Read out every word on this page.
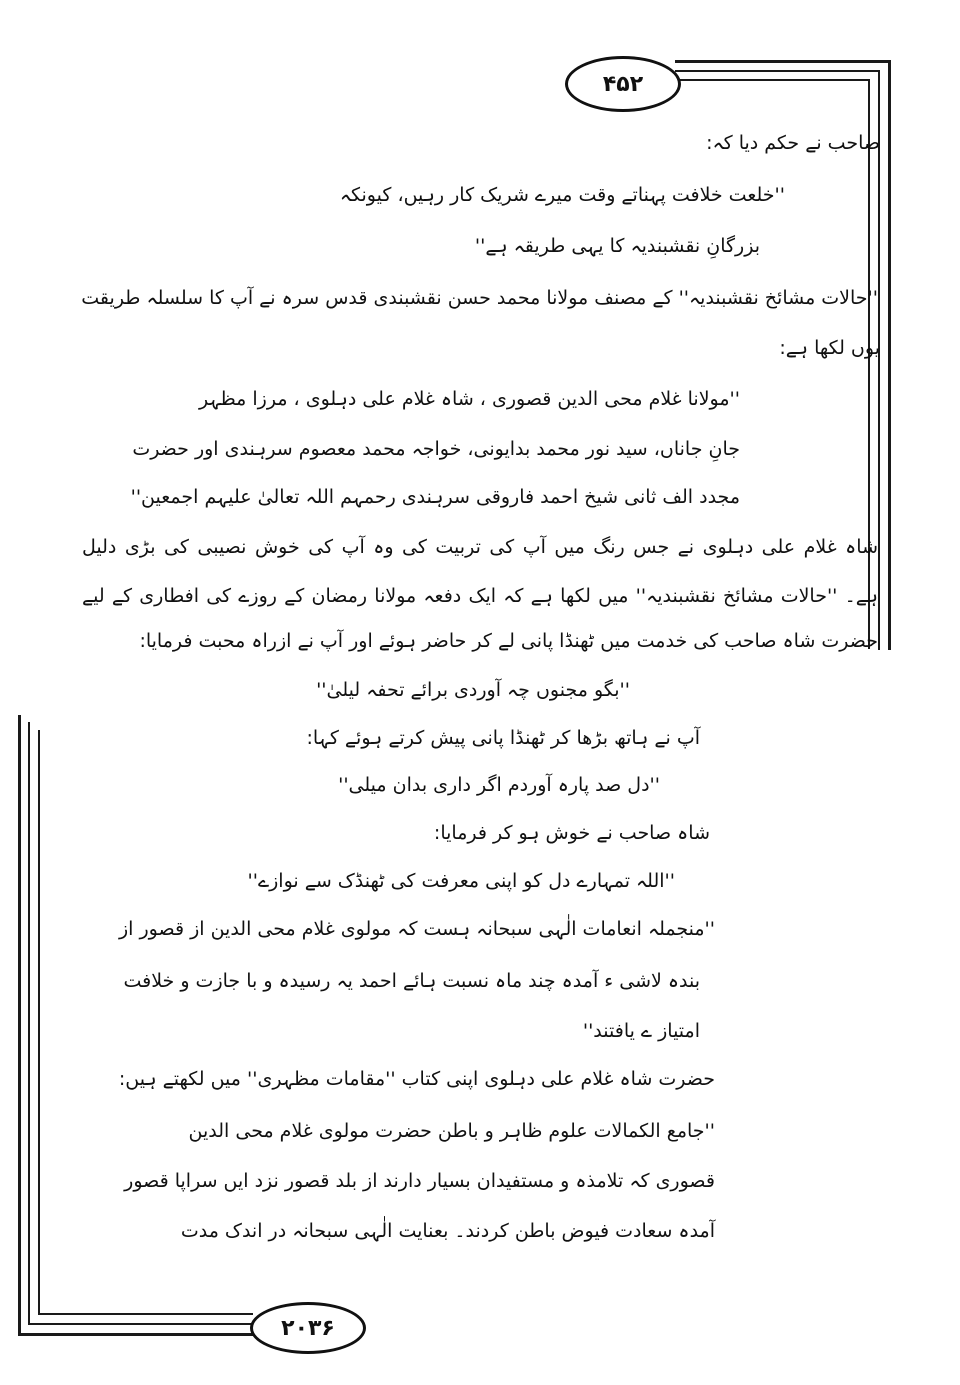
۴۵۲
۲۰۳۶
صاحب نے حکم دیا کہ:
''خلعت خلافت پہناتے وقت میرے شریک کار رہیں، کیونکہ
بزرگانِ نقشبندیہ کا یہی طریقہ ہے''
''حالات مشائخ نقشبندیہ'' کے مصنف مولانا محمد حسن نقشبندی قدس سرہ نے آپ کا سلسلہ طریقت
یوں لکھا ہے:
''مولانا غلام محی الدین قصوری ، شاہ غلام علی دہلوی ، مرزا مظہر
جانِ جاناں، سید نور محمد بدایونی، خواجہ محمد معصوم سرہندی اور حضرت
مجدد الف ثانی شیخ احمد فاروقی سرہندی رحمہم اللہ تعالیٰ علیہم اجمعین''
شاہ غلام علی دہلوی نے جس رنگ میں آپ کی تربیت کی وہ آپ کی خوش نصیبی کی بڑی دلیل
ہے۔ ''حالات مشائخ نقشبندیہ'' میں لکھا ہے کہ ایک دفعہ مولانا رمضان کے روزے کی افطاری کے لیے
حضرت شاہ صاحب کی خدمت میں ٹھنڈا پانی لے کر حاضر ہوئے اور آپ نے ازراہ محبت فرمایا:
''بگو مجنوں چہ آوردی برائے تحفہ لیلیٰ''
آپ نے ہاتھ بڑھا کر ٹھنڈا پانی پیش کرتے ہوئے کہا:
''دل صد پارہ آوردم اگر داری بدان میلی''
شاہ صاحب نے خوش ہو کر فرمایا:
''اللہ تمہارے دل کو اپنی معرفت کی ٹھنڈک سے نوازے''
''منجملہ انعامات الٰہی سبحانہ ہست کہ مولوی غلام محی الدین از قصور از
بندہ لاشی ء آمدہ چند ماہ نسبت ہائے احمد یہ رسیدہ و با جازت و خلافت
امتیاز ے یافتند''
حضرت شاہ غلام علی دہلوی اپنی کتاب ''مقامات مظہری'' میں لکھتے ہیں:
''جامع الکمالات علوم ظاہر و باطن حضرت مولوی غلام محی الدین
قصوری کہ تلامذہ و مستفیدان بسیار دارند از بلد قصور نزد ایں سراپا قصور
آمدہ سعادت فیوض باطن کردند۔ بعنایت الٰہی سبحانہ در اندک مدت
